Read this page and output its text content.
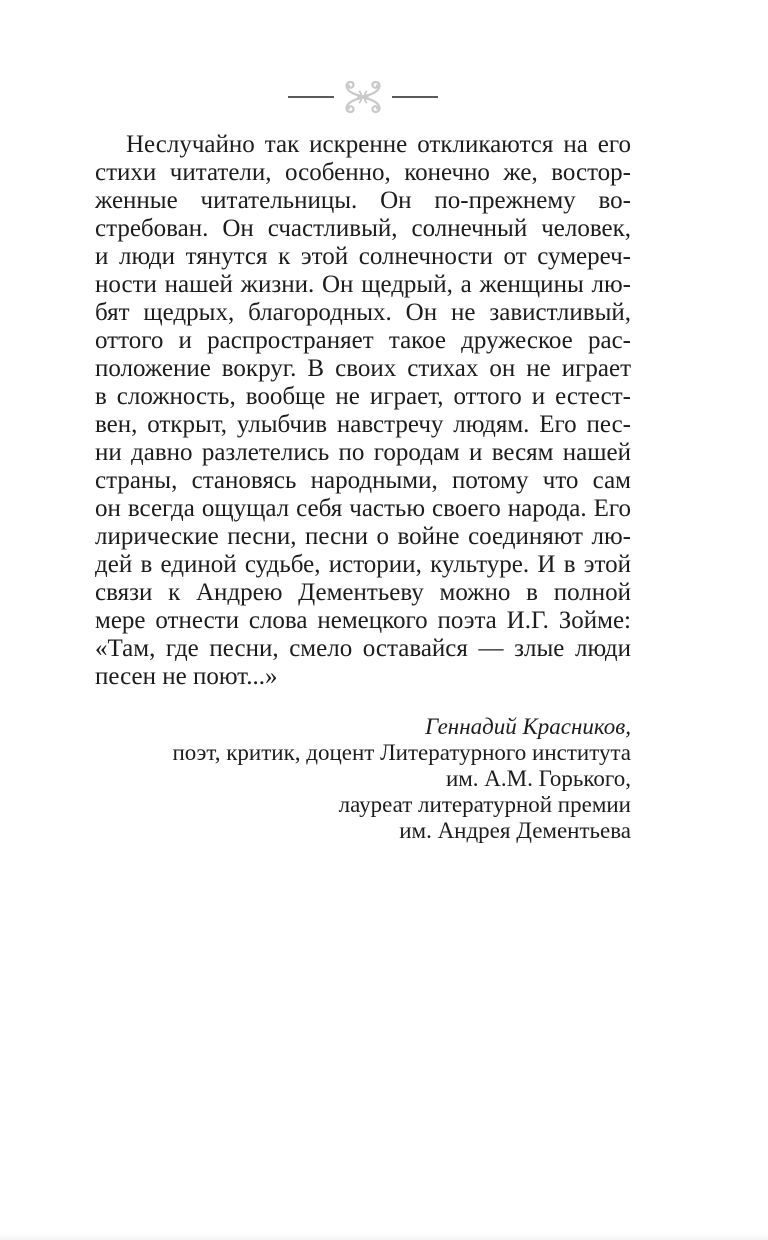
Неслучайно так искренне откликаются на его
стихи читатели, особенно, конечно же, востор-
женные читательницы. Он по-прежнему во-
стребован. Он счастливый, солнечный человек,
и люди тянутся к этой солнечности от сумереч-
ности нашей жизни. Он щедрый, а женщины лю-
бят щедрых, благородных. Он не завистливый,
оттого и распространяет такое дружеское рас-
положение вокруг. В своих стихах он не играет
в сложность, вообще не играет, оттого и естест-
вен, открыт, улыбчив навстречу людям. Его пес-
ни давно разлетелись по городам и весям нашей
страны, становясь народными, потому что сам
он всегда ощущал себя частью своего народа. Его
лирические песни, песни о войне соединяют лю-
дей в единой судьбе, истории, культуре. И в этой
связи к Андрею Дементьеву можно в полной
мере отнести слова немецкого поэта И.Г. Зойме:
«Там, где песни, смело оставайся — злые люди
песен не поют...»
Геннадий Красников,
поэт, критик, доцент Литературного института
им. А.М. Горького,
лауреат литературной премии
им. Андрея Дементьева
